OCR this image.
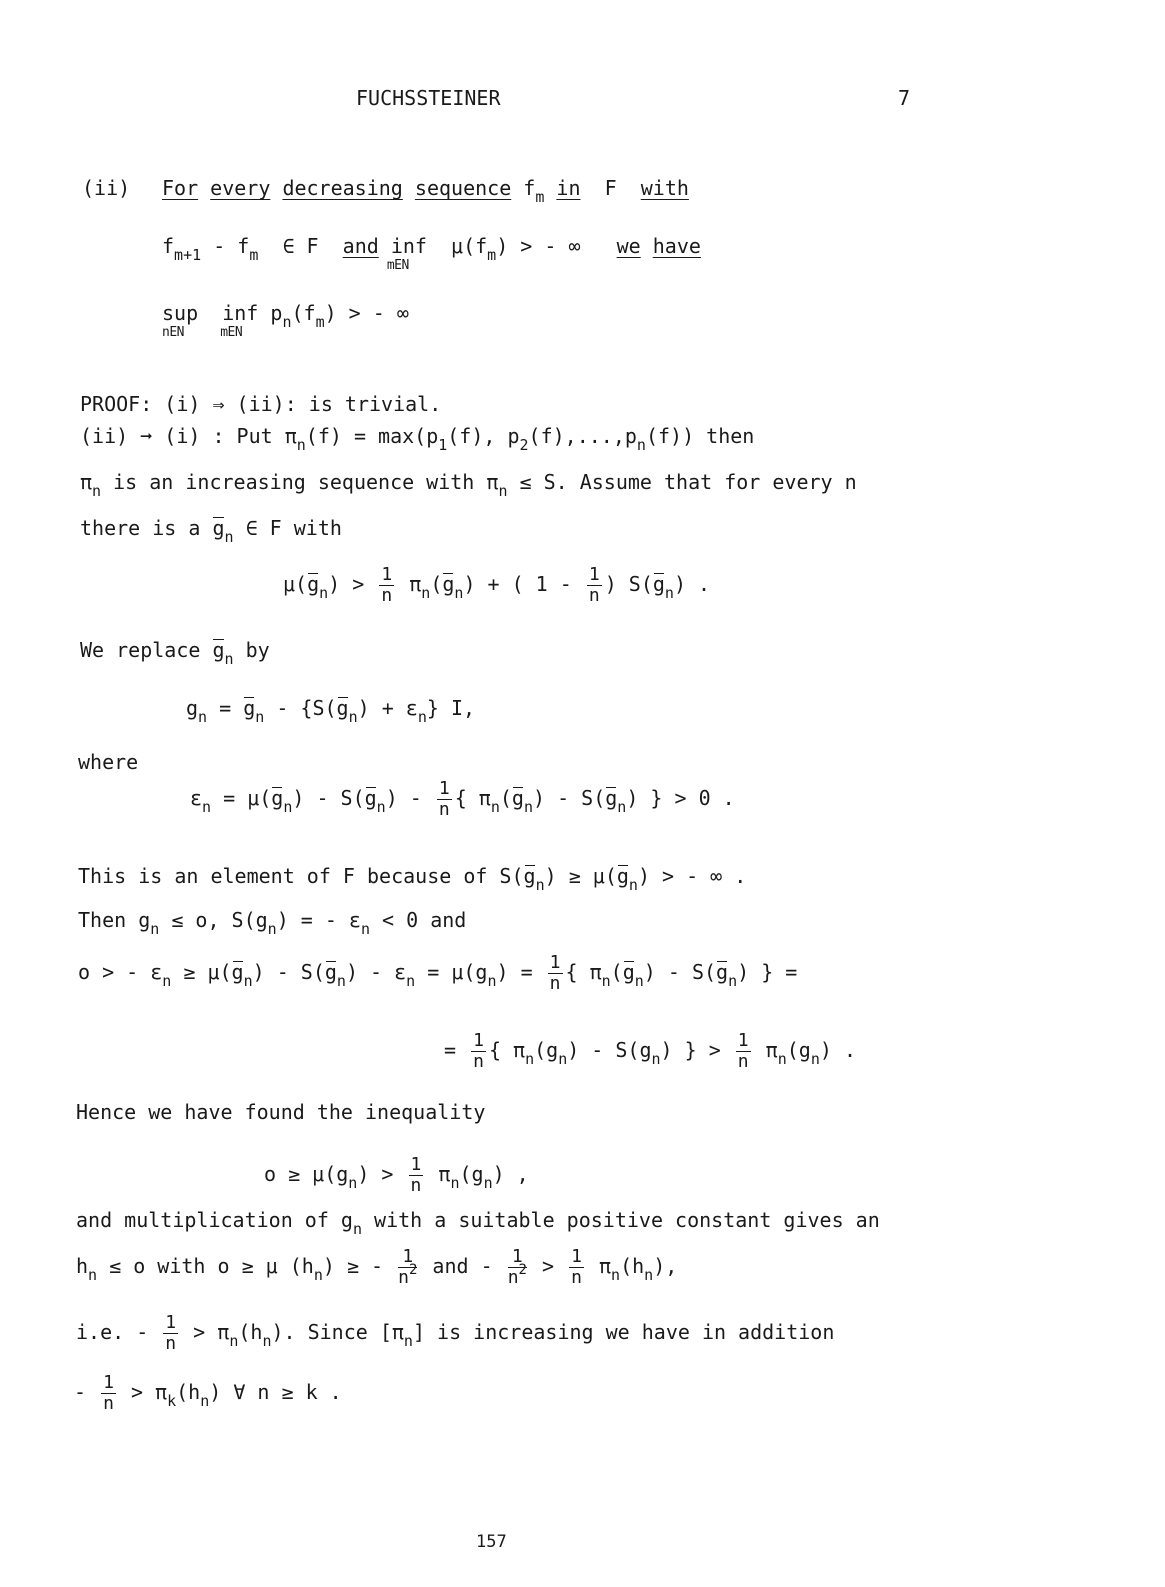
FUCHSSTEINER	7
(ii) For every decreasing sequence $f_m$ in F with
$f_{m+1} - f_m$ ∈ F and inf
mEN
$\mu(f_m)$ > - ∞ we have
sup
nEN
inf
mEN
$p_n(f_m)$ > - ∞
PROOF: (i) ⇒ (ii): is trivial.
(ii) ➞ (i) : Put $\pi_n(f) = \max(p_1(f)$, $p_2(f),...,p_n(f)$) then
$\pi_n$ is an increasing sequence with $\pi_n \le S$. Assume that for every n
there is a $g_n$ ∈ F with
$\mu(g_n) > \frac{1}{n} \pi_n(g_n)$ + ( $1 - \frac{1}{n}$ ) $S(g_n)$ .
We replace $g_n$ by
$g_n = g_n - \{S(g_n) + \varepsilon_n\}$ I,
where
$\varepsilon_n = \mu(g_n) - S(g_n) - \frac{1}{n}$ { $\pi_n(g_n) - S(g_n)$ } > 0 .
This is an element of F because of $S(g_n) \ge \mu(g_n)$ > - ∞ .
Then $g_n \le o$, $S(g_n)$ = - $\varepsilon_n < 0$ and
o > - $\varepsilon_n \ge \mu(g_n) - S(g_n) - \varepsilon_n = \mu(g_n) = \frac{1}{n}$ { $\pi_n(g_n) - S(g_n)$ } =
= $\frac{1}{n}$ { $\pi_n(g_n) - S(g_n)$ } > $\frac{1}{n} \pi_n(g_n)$ .
Hence we have found the inequality
$o \ge \mu(g_n) > \frac{1}{n} \pi_n(g_n)$ ,
and multiplication of $g_n$ with a suitable positive constant gives an
$h_n \le o$ with o ≥ μ $(h_n)$ ≥ - $\frac{1}{n^2}$ and - $\frac{1}{n^2} > \frac{1}{n} \pi_n(h_n)$,
i.e. - $\frac{1}{n} > \pi_n(h_n)$. Since $[\pi_n]$ is increasing we have in addition
- $\frac{1}{n} > \pi_k(h_n)$ ∀ n ≥ k .
157
